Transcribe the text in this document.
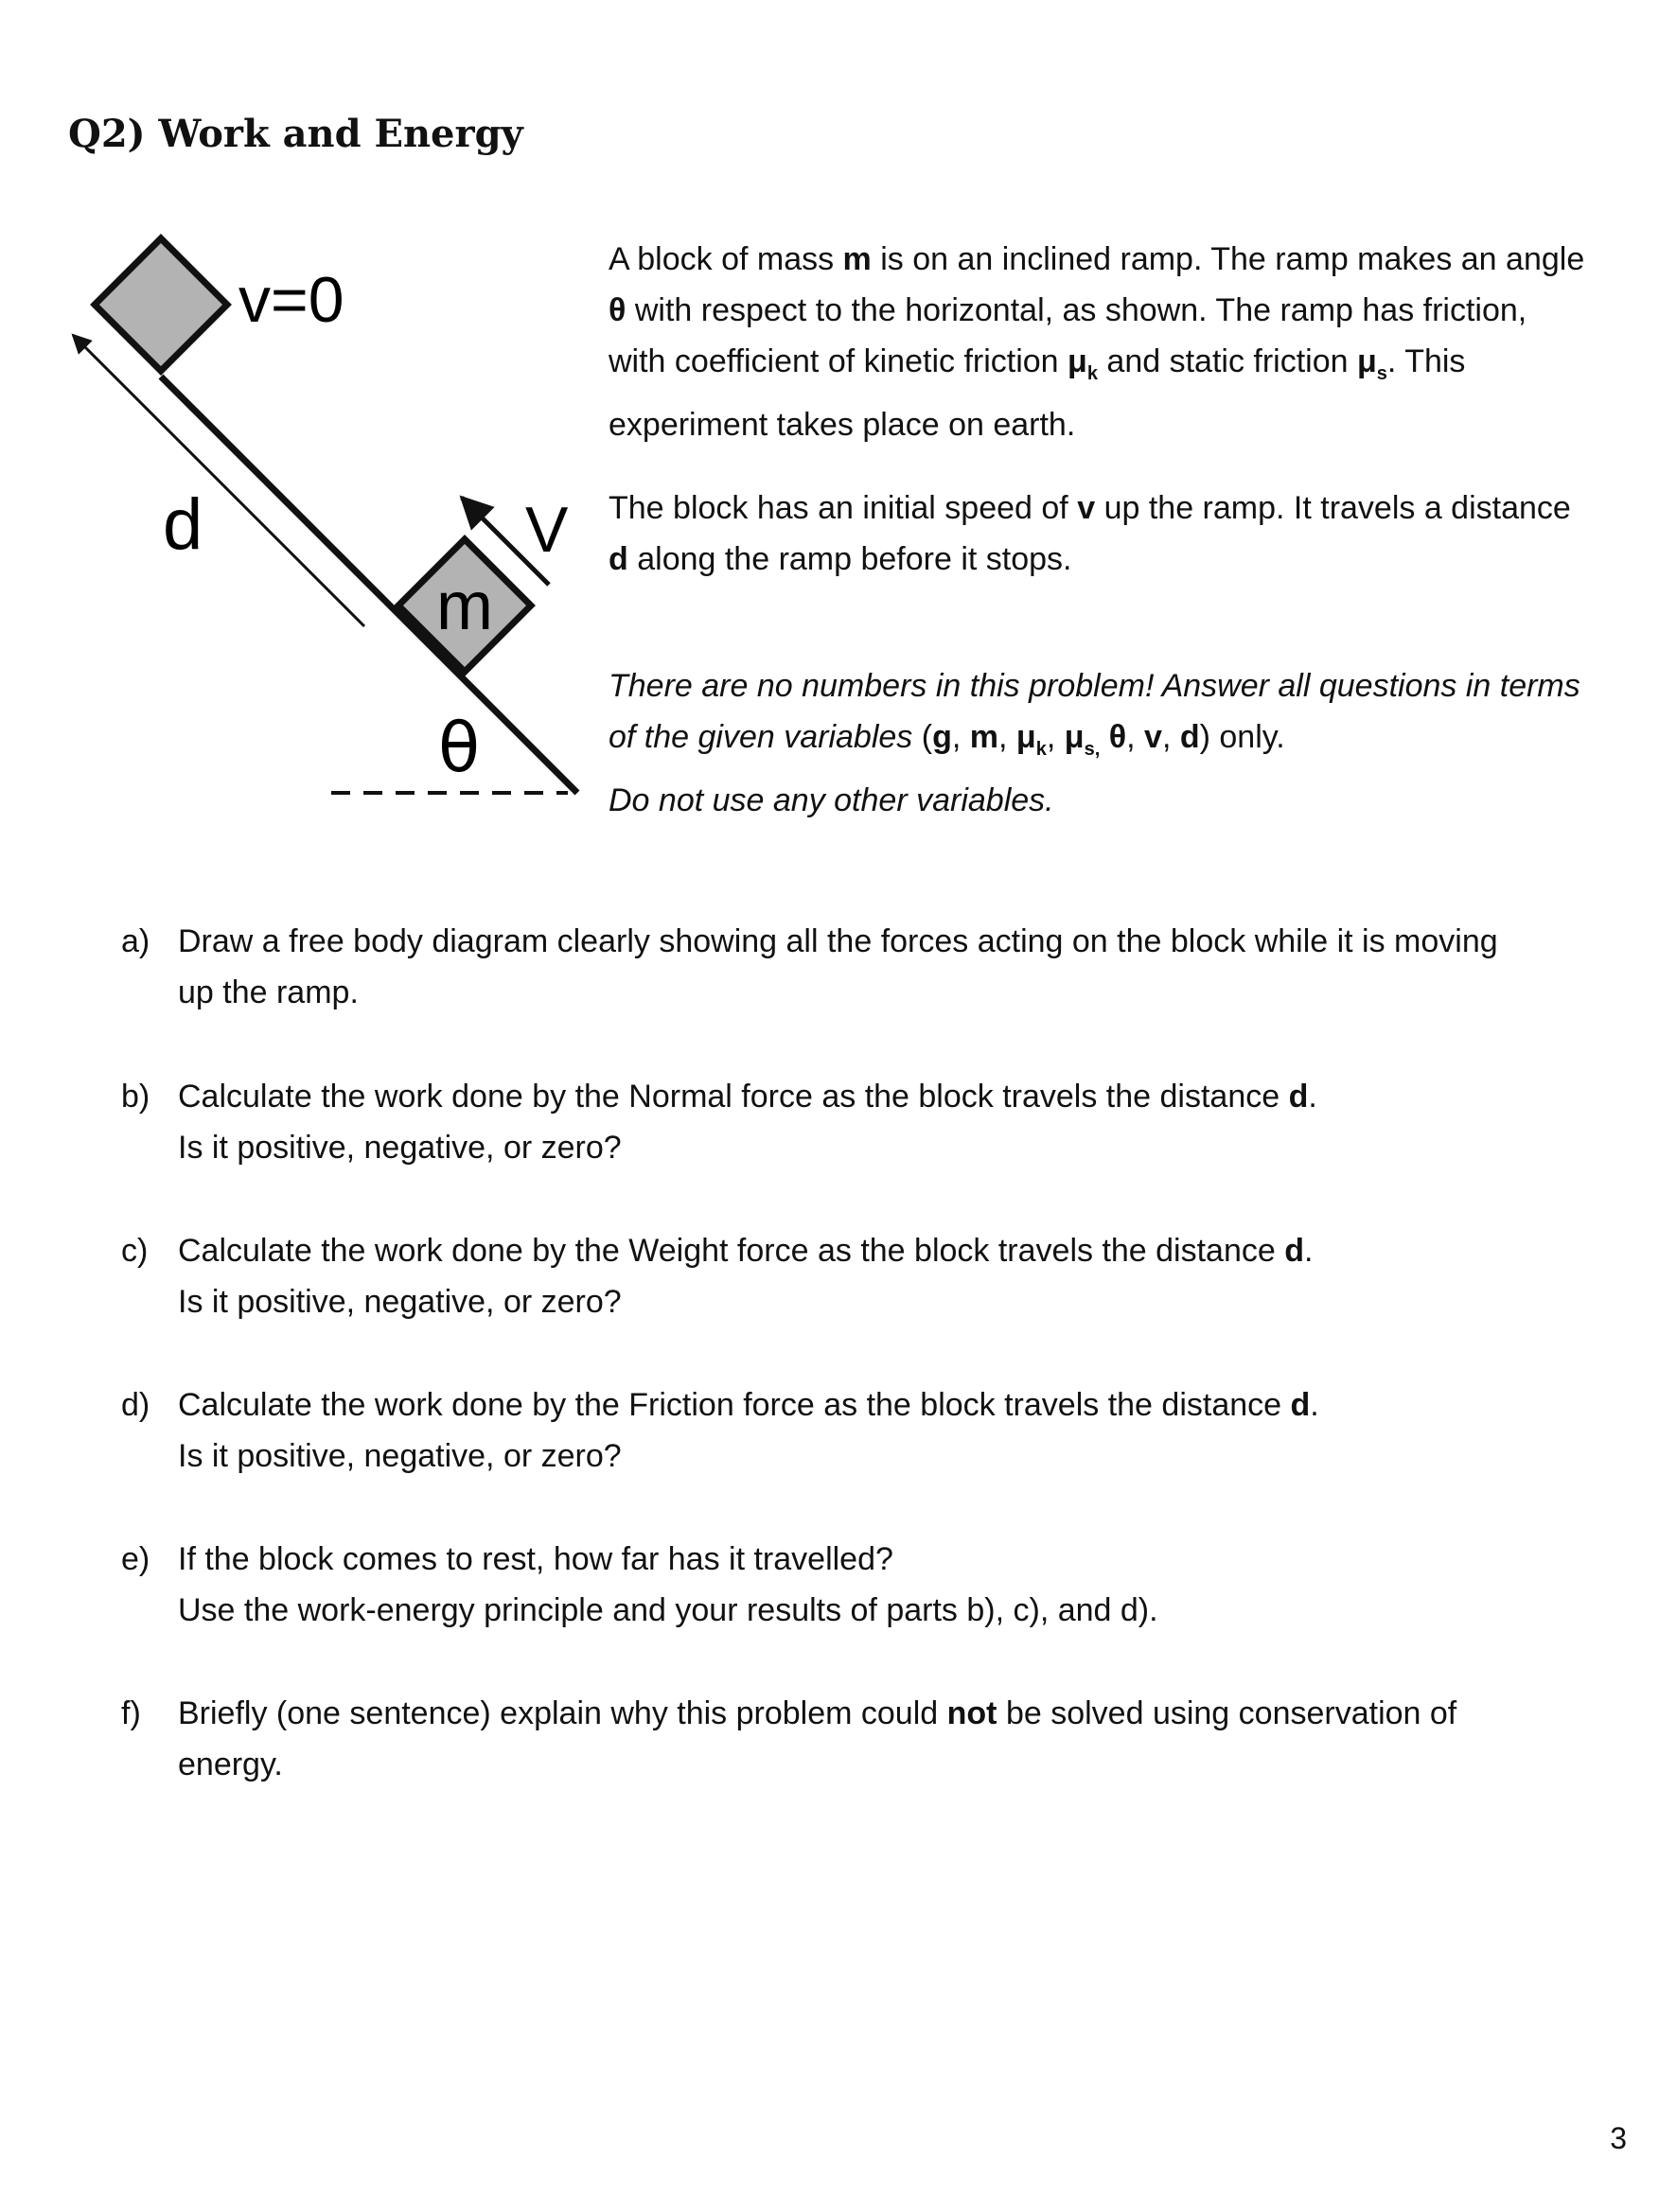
Q2) Work and Energy
v=0
d
m
V
θ

A block of mass m is on an inclined ramp. The ramp makes an angle θ with respect to the horizontal, as shown. The ramp has friction, with coefficient of kinetic friction $\mu_k$ and static friction $\mu_s$. This experiment takes place on earth.

The block has an initial speed of v up the ramp. It travels a distance d along the ramp before it stops.

There are no numbers in this problem! Answer all questions in terms of the given variables (g, m, $\mu_k$, $\mu_{s,}$ θ, v, d) only.
Do not use any other variables.

a) Draw a free body diagram clearly showing all the forces acting on the block while it is moving
up the ramp.
b) Calculate the work done by the Normal force as the block travels the distance d.
Is it positive, negative, or zero?
c) Calculate the work done by the Weight force as the block travels the distance d.
Is it positive, negative, or zero?
d) Calculate the work done by the Friction force as the block travels the distance d.
Is it positive, negative, or zero?
e) If the block comes to rest, how far has it travelled?
Use the work-energy principle and your results of parts b), c), and d).
f) Briefly (one sentence) explain why this problem could not be solved using conservation of
energy.
3
